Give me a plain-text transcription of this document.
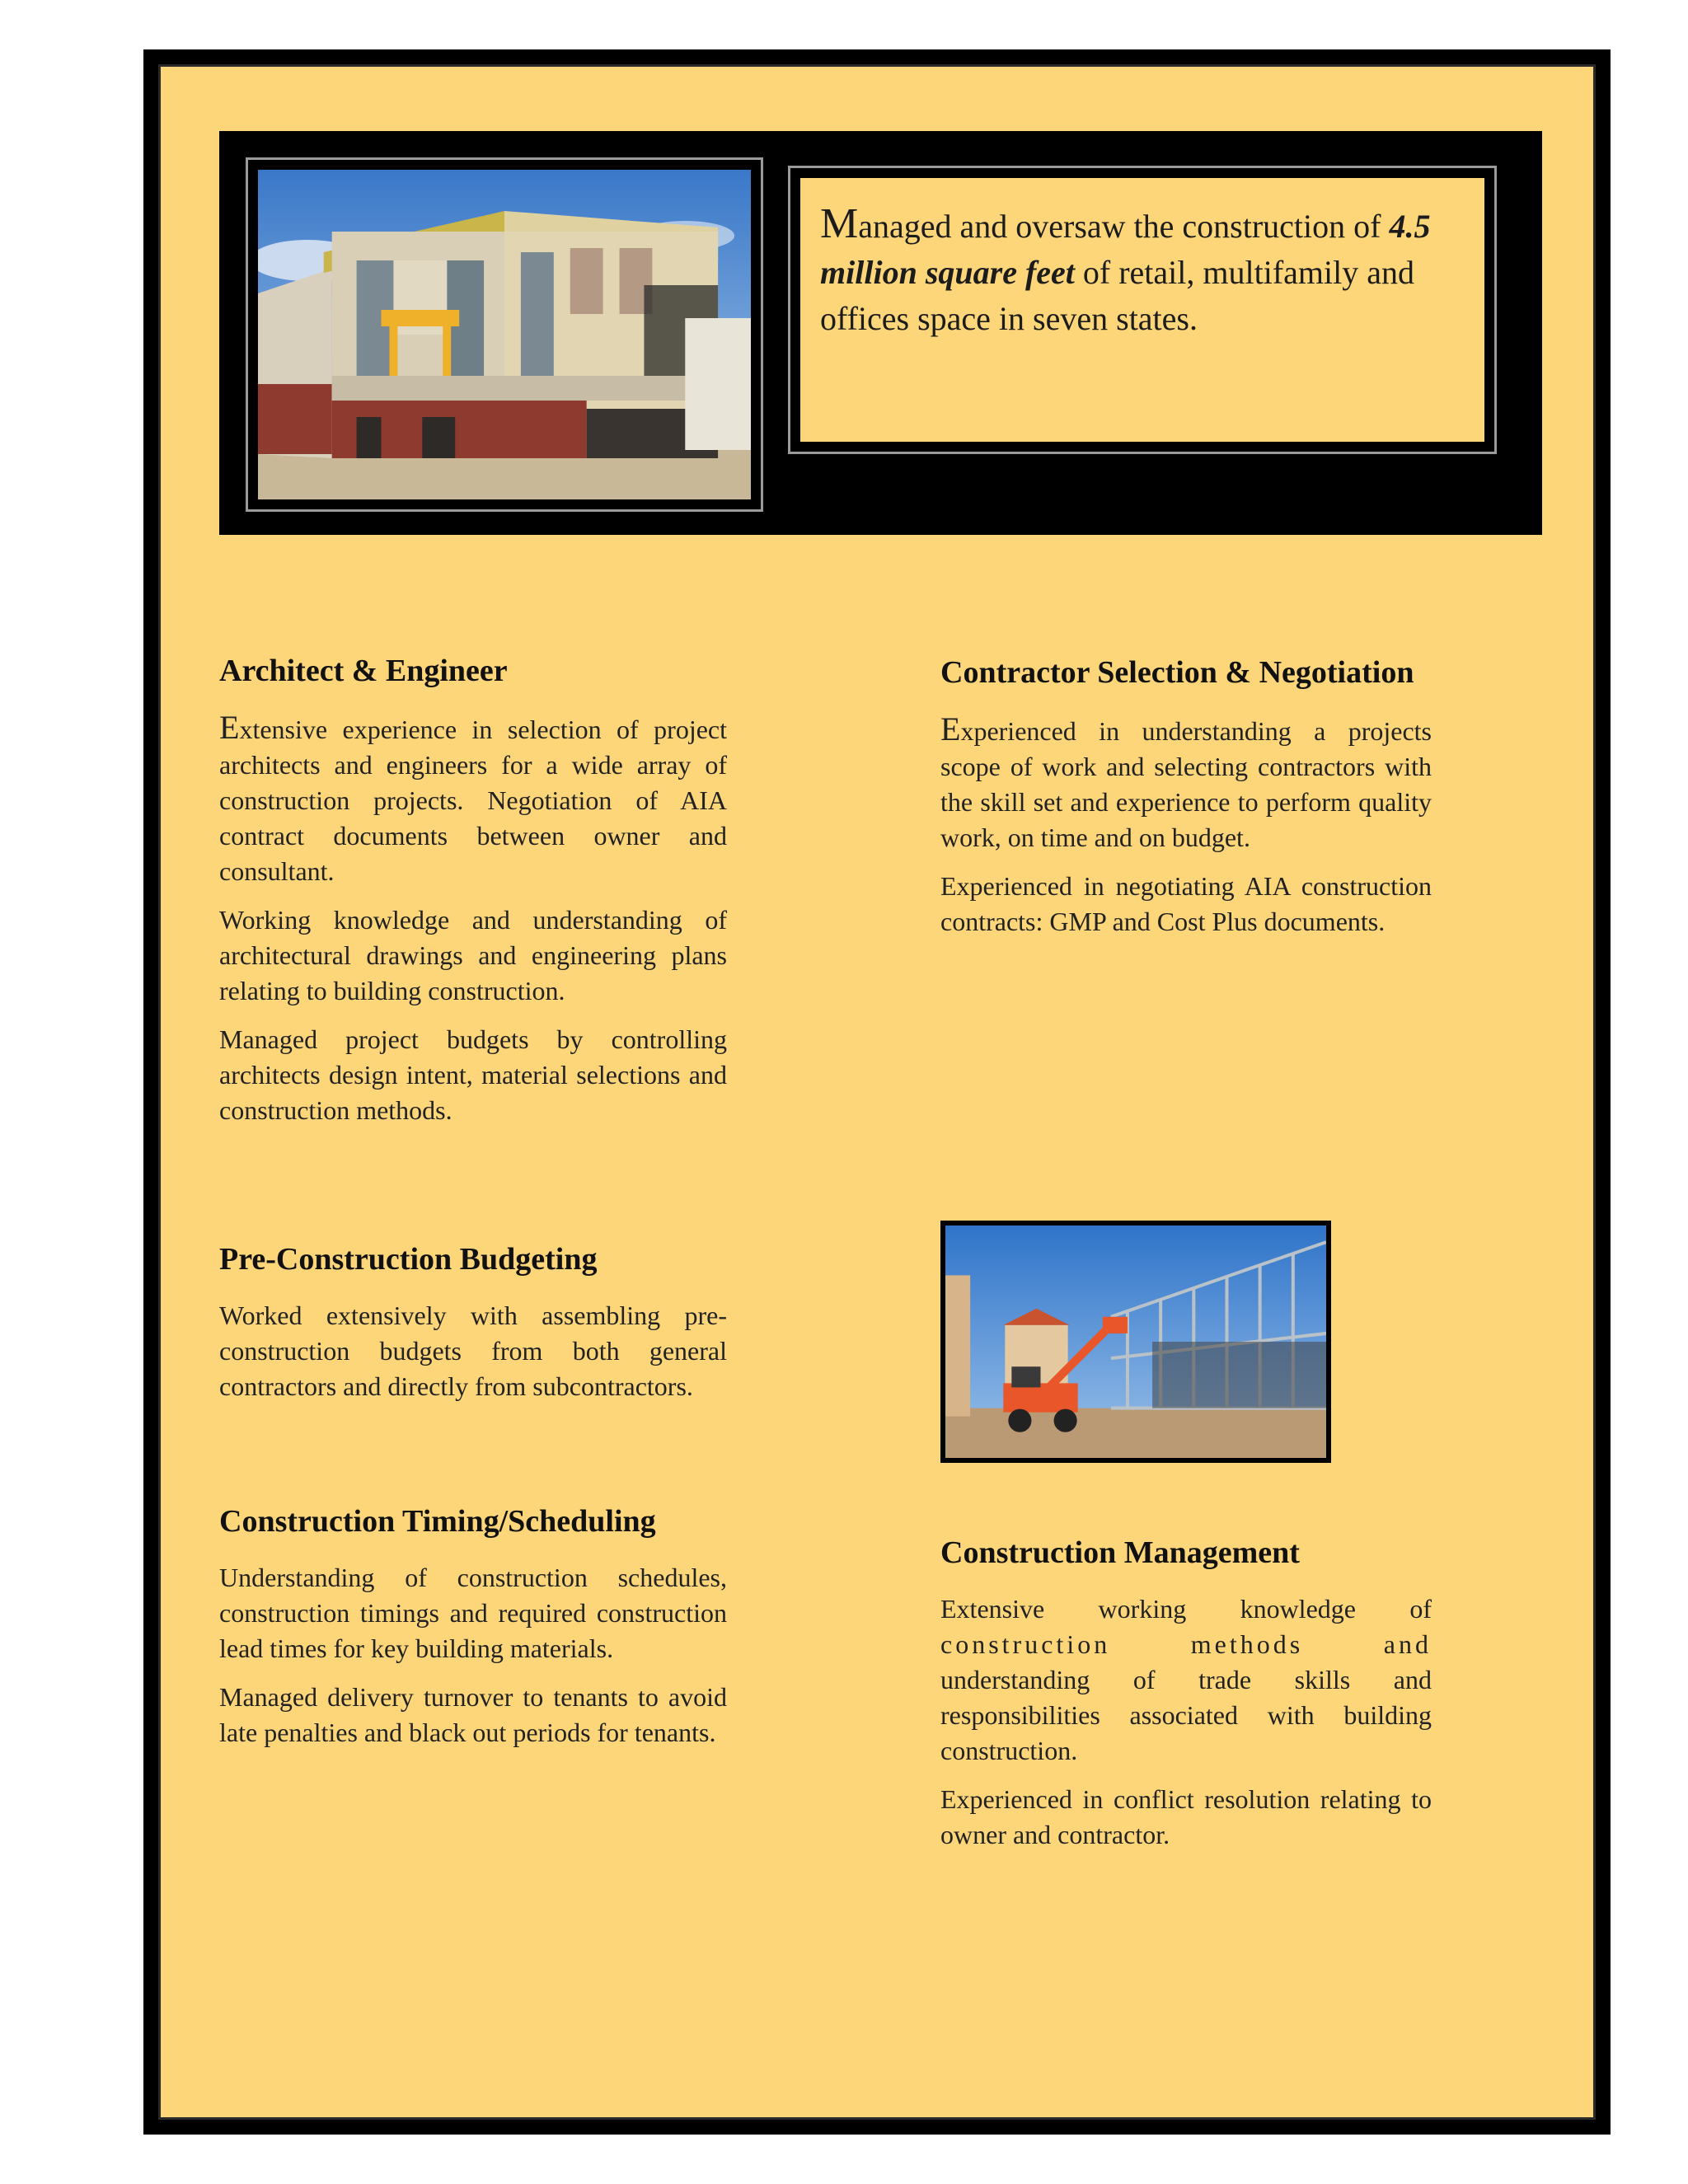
Managed and oversaw the construction of 4.5 million square feet of retail, multifamily and offices space in seven states.
Architect & Engineer

Extensive experience in selection of project architects and engineers for a wide array of construction projects. Negotiation of AIA contract documents between owner and consultant.

Working knowledge and understanding of architectural drawings and engineering plans relating to building construction.

Managed project budgets by controlling architects design intent, material selections and construction methods.

Contractor Selection & Negotiation

Experienced in understanding a projects scope of work and selecting contractors with the skill set and experience to perform quality work, on time and on budget.

Experienced in negotiating AIA construction contracts: GMP and Cost Plus documents.

Pre-Construction Budgeting

Worked extensively with assembling pre-construction budgets from both general contractors and directly from subcontractors.

Construction Timing/Scheduling

Understanding of construction schedules, construction timings and required construction lead times for key building materials.

Managed delivery turnover to tenants to avoid late penalties and black out periods for tenants.

Construction Management

Extensive working knowledge of construction methods and understanding of trade skills and responsibilities associated with building construction.

Experienced in conflict resolution relating to owner and contractor.
